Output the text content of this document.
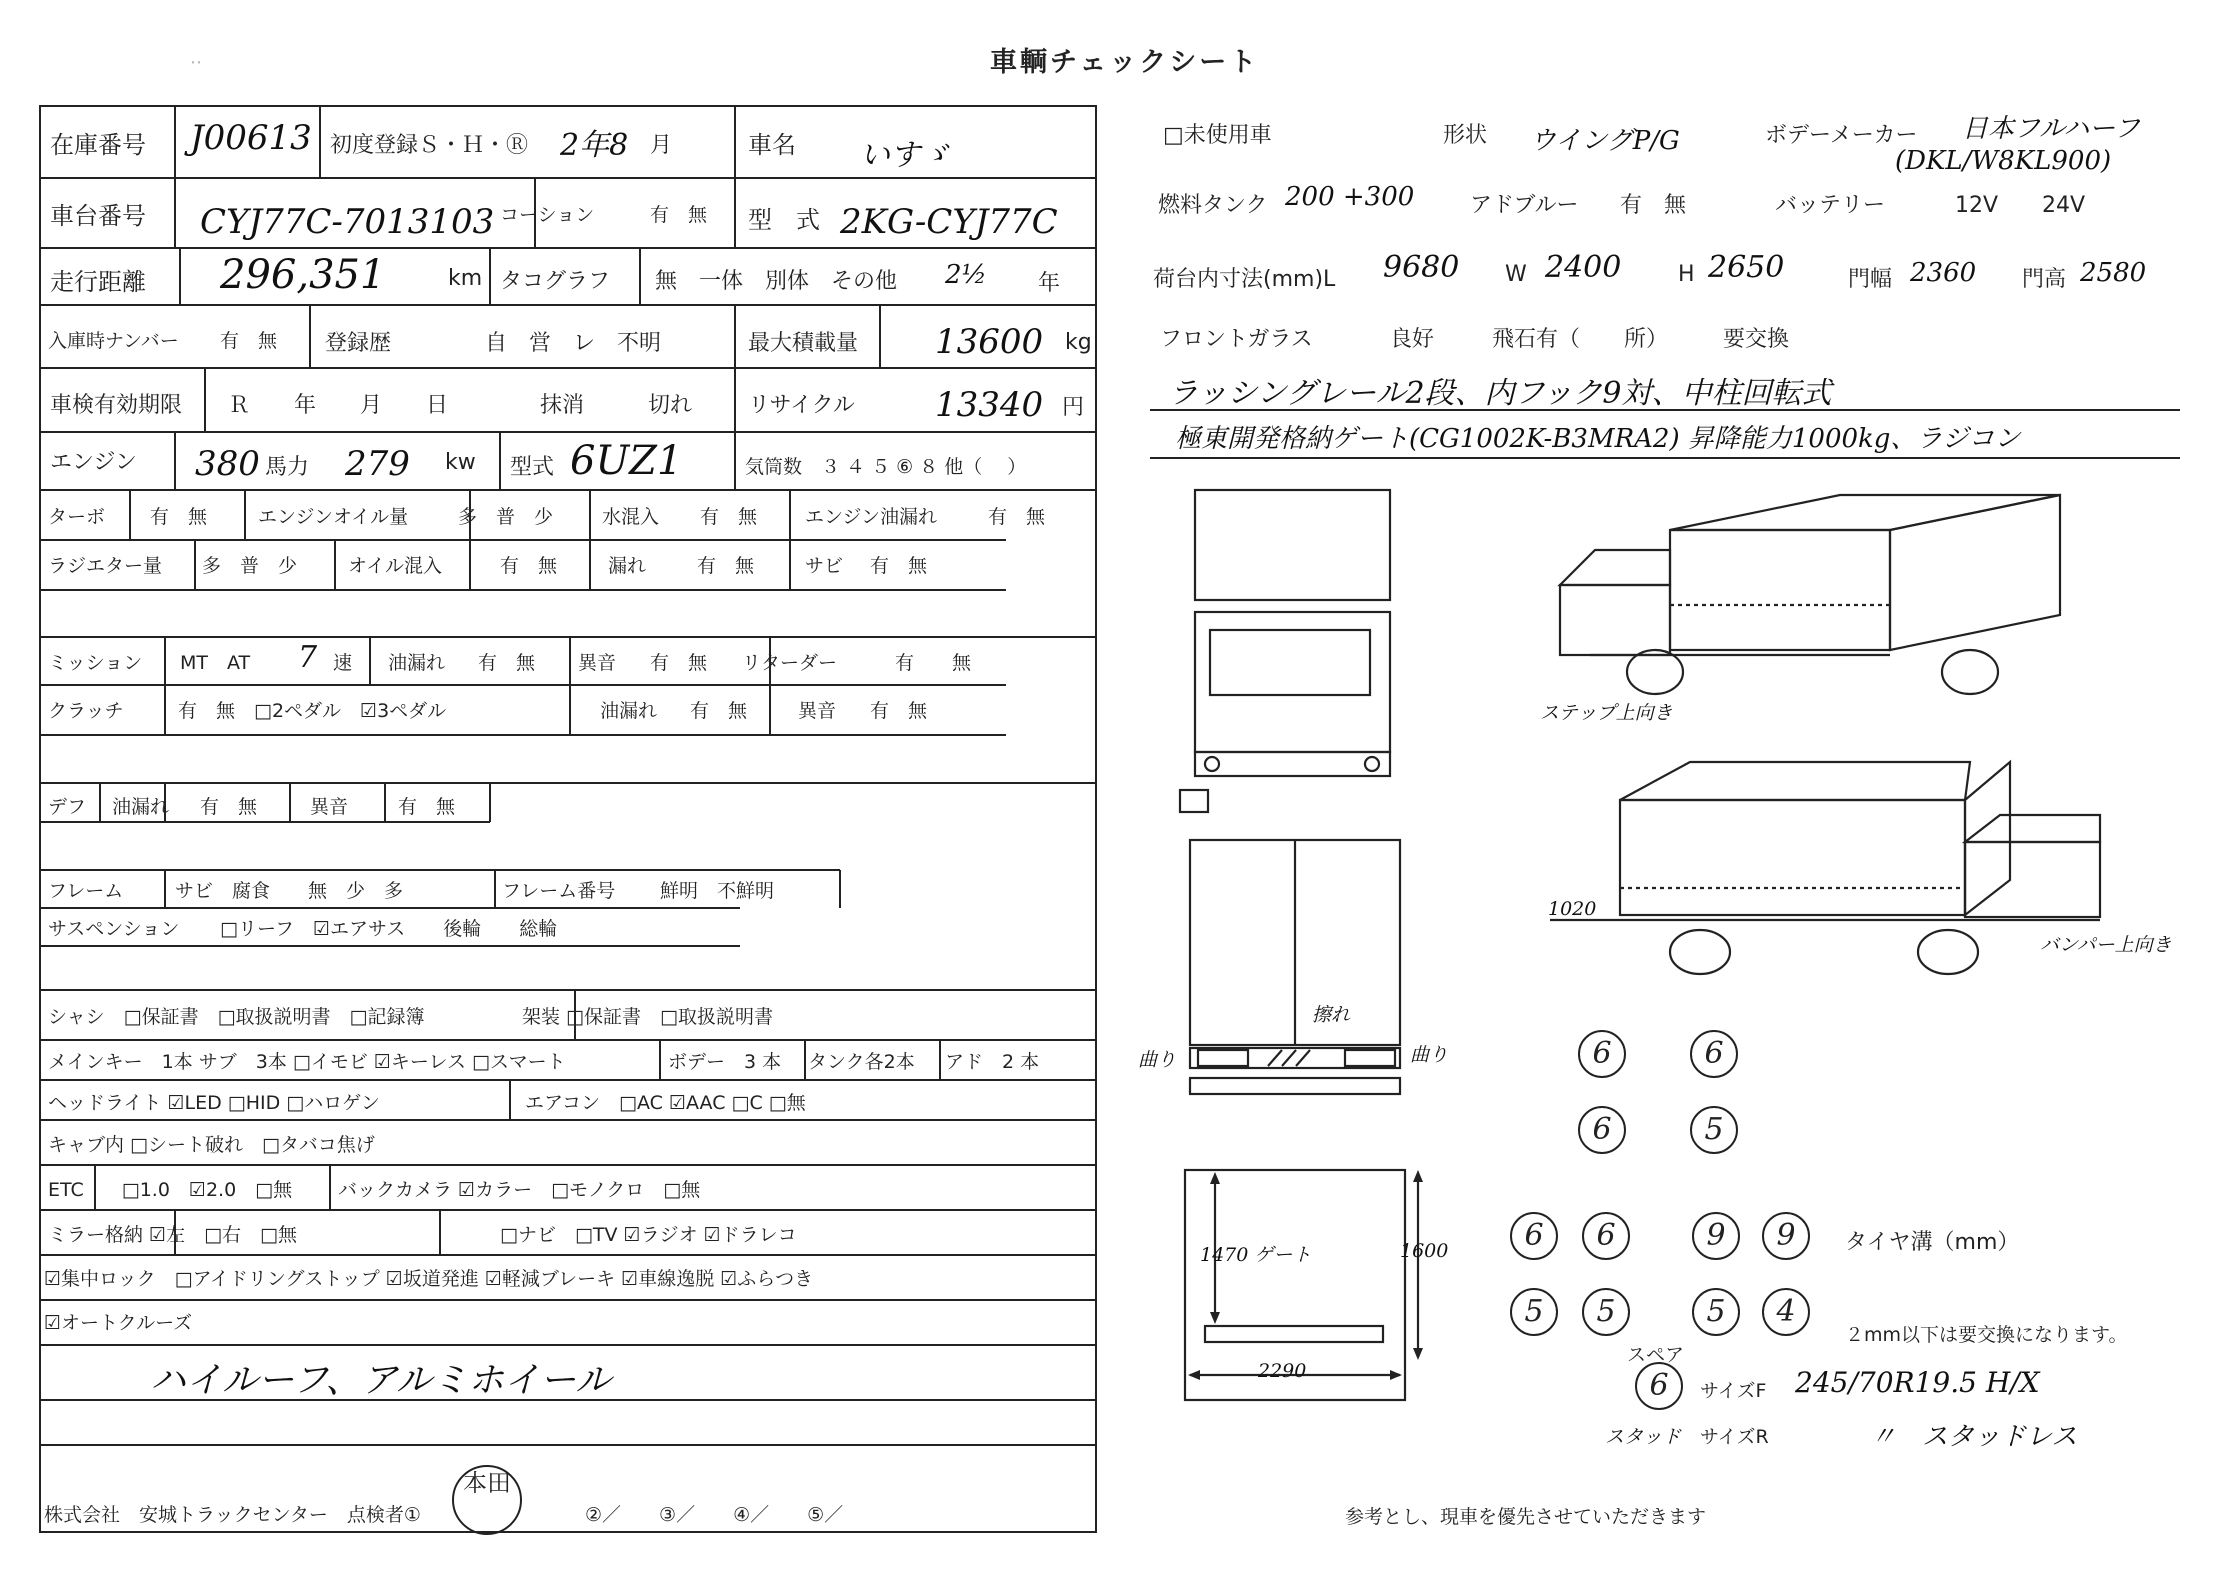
車輌チェックシート
··
在庫番号 J00613 初度登録Ｓ・Ｈ・Ⓡ 2年8 月	車名 いすゞ
車台番号 CYJ77C-7013103 コーション	有　無 型　式 2KG-CYJ77C
走行距離 296,351	km タコグラフ 無　一体　別体　その他 2½ 年
入庫時ナンバー 有　無 登録歴	自　営　レ　不明	最大積載量 13600 kg
車検有効期限 Ｒ　　年　　月　　日	抹消	切れ	リサイクル 13340 円
エンジン 380 馬力 279 kw 型式 6UZ1	気筒数　３ ４ ５ ⑥ ８ 他（　 ）
ターボ 有　無	エンジンオイル量	多　普　少	水混入 有　無	エンジン油漏れ	有　無
ラジエター量 多　普　少	オイル混入	有　無	漏れ	有　無	サビ 有　無
ミッション MT　AT 7 速 油漏れ 有　無 異音 有　無 リターダー	有　　無
クラッチ	有　無　□2ペダル　☑3ペダル	油漏れ 有　無	異音 有　無
デフ 油漏れ 有　無	異音	有　無
フレーム	サビ　腐食　　無　少　多	フレーム番号 鮮明　不鮮明
サスペンション □リーフ　☑エアサス　　後輪　　総輪
シャシ　□保証書　□取扱説明書　□記録簿	架装 □保証書　□取扱説明書
メインキー　1本 サブ　3本 □イモビ ☑キーレス □スマート	ボデー　3 本 タンク各2本 アド　2 本
ヘッドライト ☑LED □HID □ハロゲン	エアコン　□AC ☑AAC □C □無
キャブ内 □シート破れ　□タバコ焦げ
ETC　　□1.0　☑2.0　□無 バックカメラ ☑カラー　□モノクロ　□無
ミラー格納 ☑左　□右　□無	□ナビ　□TV ☑ラジオ ☑ドラレコ
☑集中ロック　□アイドリングストップ ☑坂道発進 ☑軽減ブレーキ ☑車線逸脱 ☑ふらつき
☑オートクルーズ
ハイルーフ、アルミホイール
株式会社　安城トラックセンター　点検者①
本田
②／　　③／　　④／　　⑤／
□未使用車	形状 ウイングP/G	ボデーメーカー 日本フルハーフ
(DKL/W8KL900)
燃料タンク 200 +300	アドブルー 有　無	バッテリー	12V　　24V
荷台内寸法(mm)L 9680 W 2400	H 2650	門幅 2360 門高 2580
フロントガラス	良好	飛石有（　　所） 要交換
ラッシングレール2段、内フック9対、中柱回転式
極東開発格納ゲート(CG1002K-B3MRA2) 昇降能力1000kg、ラジコン
ステップ上向き
バンパー上向き
1020
曲り	曲り
擦れ
1470 ゲート	1600
2290
6	6
6	5
6	6	9	9
5	5	5	4
タイヤ溝（mm）
２mm以下は要交換になります。
スペア
6	サイズF 245/70R19.5 H/X
スタッド サイズR	〃　スタッドレス
参考とし、現車を優先させていただきます
